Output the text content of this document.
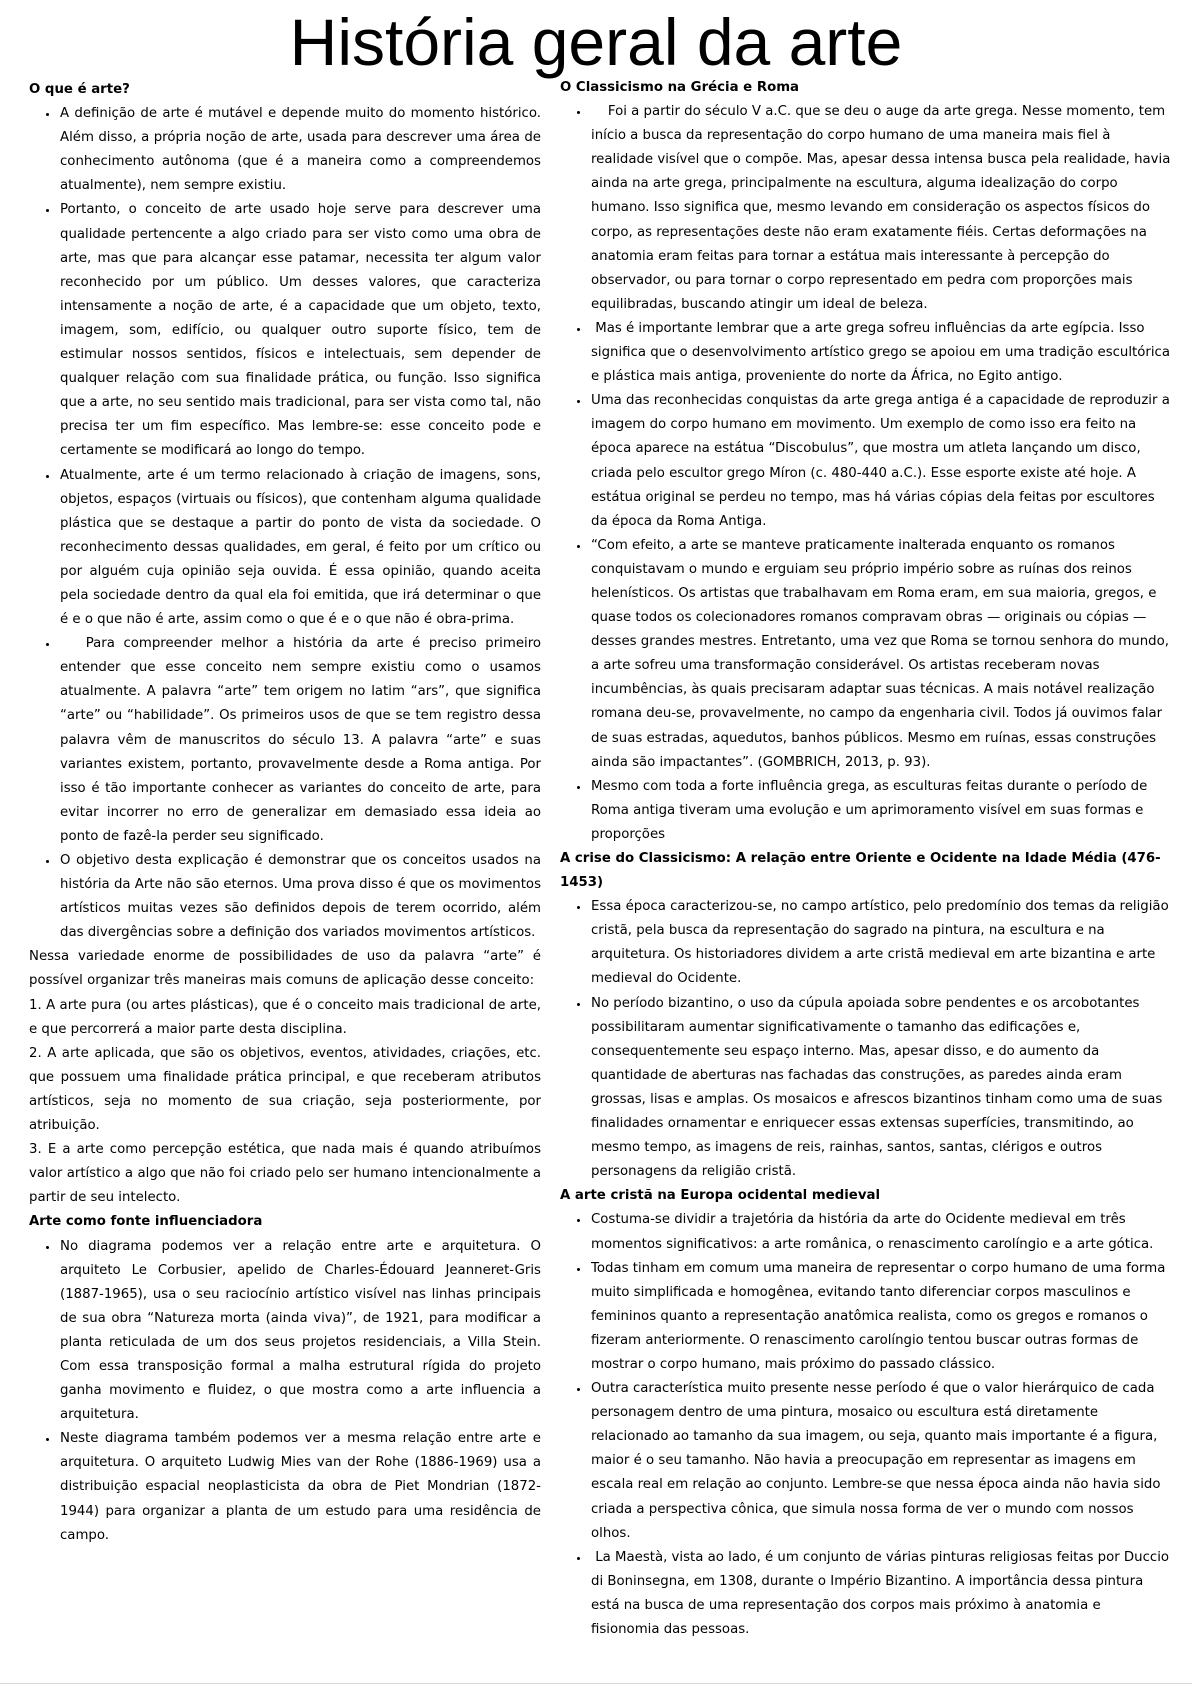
História geral da arte

O que é arte?

• A definição de arte é mutável e depende muito do momento histórico. Além disso, a própria noção de arte, usada para descrever uma área de conhecimento autônoma (que é a maneira como a compreendemos atualmente), nem sempre existiu.
• Portanto, o conceito de arte usado hoje serve para descrever uma qualidade pertencente a algo criado para ser visto como uma obra de arte, mas que para alcançar esse patamar, necessita ter algum valor reconhecido por um público. Um desses valores, que caracteriza intensamente a noção de arte, é a capacidade que um objeto, texto, imagem, som, edifício, ou qualquer outro suporte físico, tem de estimular nossos sentidos, físicos e intelectuais, sem depender de qualquer relação com sua finalidade prática, ou função. Isso significa que a arte, no seu sentido mais tradicional, para ser vista como tal, não precisa ter um fim específico. Mas lembre-se: esse conceito pode e certamente se modificará ao longo do tempo.
• Atualmente, arte é um termo relacionado à criação de imagens, sons, objetos, espaços (virtuais ou físicos), que contenham alguma qualidade plástica que se destaque a partir do ponto de vista da sociedade. O reconhecimento dessas qualidades, em geral, é feito por um crítico ou por alguém cuja opinião seja ouvida. É essa opinião, quando aceita pela sociedade dentro da qual ela foi emitida, que irá determinar o que é e o que não é arte, assim como o que é e o que não é obra-prima.
•    Para compreender melhor a história da arte é preciso primeiro entender que esse conceito nem sempre existiu como o usamos atualmente. A palavra “arte” tem origem no latim “ars”, que significa “arte” ou “habilidade”. Os primeiros usos de que se tem registro dessa palavra vêm de manuscritos do século 13. A palavra “arte” e suas variantes existem, portanto, provavelmente desde a Roma antiga. Por isso é tão importante conhecer as variantes do conceito de arte, para evitar incorrer no erro de generalizar em demasiado essa ideia ao ponto de fazê-la perder seu significado.
• O objetivo desta explicação é demonstrar que os conceitos usados na história da Arte não são eternos. Uma prova disso é que os movimentos artísticos muitas vezes são definidos depois de terem ocorrido, além das divergências sobre a definição dos variados movimentos artísticos.

Nessa variedade enorme de possibilidades de uso da palavra “arte” é possível organizar três maneiras mais comuns de aplicação desse conceito:

1. A arte pura (ou artes plásticas), que é o conceito mais tradicional de arte, e que percorrerá a maior parte desta disciplina.

2. A arte aplicada, que são os objetivos, eventos, atividades, criações, etc. que possuem uma finalidade prática principal, e que receberam atributos artísticos, seja no momento de sua criação, seja posteriormente, por atribuição.

3. E a arte como percepção estética, que nada mais é quando atribuímos valor artístico a algo que não foi criado pelo ser humano intencionalmente a partir de seu intelecto.

Arte como fonte influenciadora

• No diagrama podemos ver a relação entre arte e arquitetura. O arquiteto Le Corbusier, apelido de Charles-Édouard Jeanneret-Gris (1887-1965), usa o seu raciocínio artístico visível nas linhas principais de sua obra “Natureza morta (ainda viva)”, de 1921, para modificar a planta reticulada de um dos seus projetos residenciais, a Villa Stein. Com essa transposição formal a malha estrutural rígida do projeto ganha movimento e fluidez, o que mostra como a arte influencia a arquitetura.
• Neste diagrama também podemos ver a mesma relação entre arte e arquitetura. O arquiteto Ludwig Mies van der Rohe (1886-1969) usa a distribuição espacial neoplasticista da obra de Piet Mondrian (1872-1944) para organizar a planta de um estudo para uma residência de campo.

O Classicismo na Grécia e Roma

•     Foi a partir do século V a.C. que se deu o auge da arte grega. Nesse momento, tem início a busca da representação do corpo humano de uma maneira mais fiel à realidade visível que o compõe. Mas, apesar dessa intensa busca pela realidade, havia ainda na arte grega, principalmente na escultura, alguma idealização do corpo humano. Isso significa que, mesmo levando em consideração os aspectos físicos do corpo, as representações deste não eram exatamente fiéis. Certas deformações na anatomia eram feitas para tornar a estátua mais interessante à percepção do observador, ou para tornar o corpo representado em pedra com proporções mais equilibradas, buscando atingir um ideal de beleza.
•  Mas é importante lembrar que a arte grega sofreu influências da arte egípcia. Isso significa que o desenvolvimento artístico grego se apoiou em uma tradição escultórica e plástica mais antiga, proveniente do norte da África, no Egito antigo.
• Uma das reconhecidas conquistas da arte grega antiga é a capacidade de reproduzir a imagem do corpo humano em movimento. Um exemplo de como isso era feito na época aparece na estátua “Discobulus”, que mostra um atleta lançando um disco, criada pelo escultor grego Míron (c. 480-440 a.C.). Esse esporte existe até hoje. A estátua original se perdeu no tempo, mas há várias cópias dela feitas por escultores da época da Roma Antiga.
• “Com efeito, a arte se manteve praticamente inalterada enquanto os romanos conquistavam o mundo e erguiam seu próprio império sobre as ruínas dos reinos helenísticos. Os artistas que trabalhavam em Roma eram, em sua maioria, gregos, e quase todos os colecionadores romanos compravam obras — originais ou cópias — desses grandes mestres. Entretanto, uma vez que Roma se tornou senhora do mundo, a arte sofreu uma transformação considerável. Os artistas receberam novas incumbências, às quais precisaram adaptar suas técnicas. A mais notável realização romana deu-se, provavelmente, no campo da engenharia civil. Todos já ouvimos falar de suas estradas, aquedutos, banhos públicos. Mesmo em ruínas, essas construções ainda são impactantes”. (GOMBRICH, 2013, p. 93).
• Mesmo com toda a forte influência grega, as esculturas feitas durante o período de Roma antiga tiveram uma evolução e um aprimoramento visível em suas formas e proporções

A crise do Classicismo: A relação entre Oriente e Ocidente na Idade Média (476-1453)

• Essa época caracterizou-se, no campo artístico, pelo predomínio dos temas da religião cristã, pela busca da representação do sagrado na pintura, na escultura e na arquitetura. Os historiadores dividem a arte cristã medieval em arte bizantina e arte medieval do Ocidente.
• No período bizantino, o uso da cúpula apoiada sobre pendentes e os arcobotantes possibilitaram aumentar significativamente o tamanho das edificações e, consequentemente seu espaço interno. Mas, apesar disso, e do aumento da quantidade de aberturas nas fachadas das construções, as paredes ainda eram grossas, lisas e amplas. Os mosaicos e afrescos bizantinos tinham como uma de suas finalidades ornamentar e enriquecer essas extensas superfícies, transmitindo, ao mesmo tempo, as imagens de reis, rainhas, santos, santas, clérigos e outros personagens da religião cristã.

A arte cristã na Europa ocidental medieval

• Costuma-se dividir a trajetória da história da arte do Ocidente medieval em três momentos significativos: a arte românica, o renascimento carolíngio e a arte gótica.
• Todas tinham em comum uma maneira de representar o corpo humano de uma forma muito simplificada e homogênea, evitando tanto diferenciar corpos masculinos e femininos quanto a representação anatômica realista, como os gregos e romanos o fizeram anteriormente. O renascimento carolíngio tentou buscar outras formas de mostrar o corpo humano, mais próximo do passado clássico.
• Outra característica muito presente nesse período é que o valor hierárquico de cada personagem dentro de uma pintura, mosaico ou escultura está diretamente relacionado ao tamanho da sua imagem, ou seja, quanto mais importante é a figura, maior é o seu tamanho. Não havia a preocupação em representar as imagens em escala real em relação ao conjunto. Lembre-se que nessa época ainda não havia sido criada a perspectiva cônica, que simula nossa forma de ver o mundo com nossos olhos.
•  La Maestà, vista ao lado, é um conjunto de várias pinturas religiosas feitas por Duccio di Boninsegna, em 1308, durante o Império Bizantino. A importância dessa pintura está na busca de uma representação dos corpos mais próximo à anatomia e fisionomia das pessoas.
